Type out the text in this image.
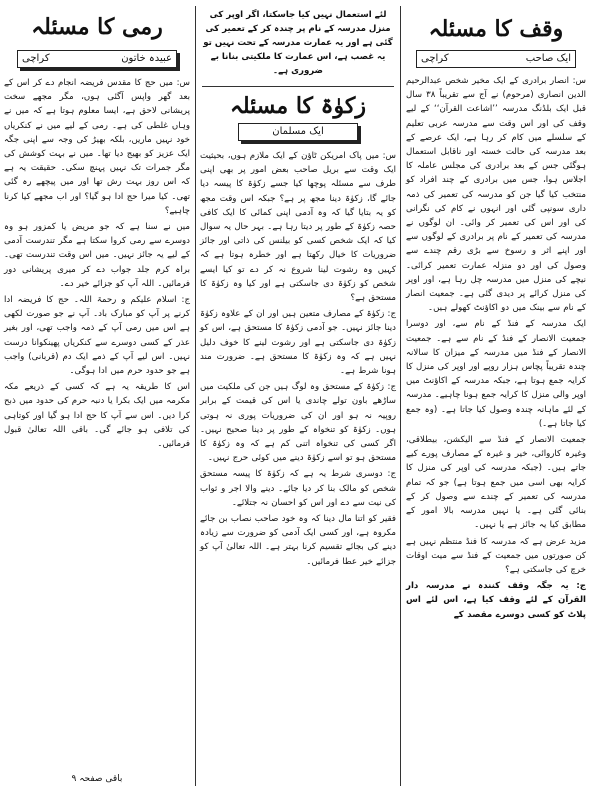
وقف کا مسئلہ
ایک صاحب
کراچی

س: انصار برادری کے ایک مخیر شخص عبدالرحیم الدین انصاری (مرحوم) نے آج سے تقریباً ۳۸ سال قبل ایک بلڈنگ مدرسہ ’’اشاعت القرآن‘‘ کے لیے وقف کی اور اس وقت سے مدرسہ عربی تعلیم کے سلسلے میں کام کر رہا ہے، ایک عرصے کے بعد مدرسہ کی حالت خستہ اور ناقابل استعمال ہوگئی جس کے بعد برادری کی مجلس عاملہ کا اجلاس ہوا، جس میں برادری کے چند افراد کو منتخب کیا گیا جن کو مدرسہ کی تعمیر کی ذمہ داری سونپی گئی اور انہوں نے کام کی نگرانی کی اور اس کی تعمیر کر وائی۔ ان لوگوں نے مدرسہ کی تعمیر کے نام پر برادری کے لوگوں سے اور اپنے اثر و رسوخ سے بڑی رقم چندے سے وصول کی اور دو منزلہ عمارت تعمیر کرائی۔ نیچے کی منزل میں مدرسہ چل رہا ہے، اور اوپر کی منزل کرائے پر دیدی گئی ہے۔ جمعیت انصار کے نام سے بینک میں دو اکاؤنٹ کھولے ہیں۔

ایک مدرسہ کے فنڈ کے نام سے، اور دوسرا جمعیت الانصار کے فنڈ کے نام سے ہے۔ جمعیت الانصار کے فنڈ میں مدرسہ کے میزان کا سالانہ چندہ تقریباً پچاس ہزار روپے اور اوپر کی منزل کا کرایہ جمع ہوتا ہے، جبکہ مدرسہ کے اکاؤنٹ میں اوپر والی منزل کا کرایہ جمع ہونا چاہیے۔ مدرسہ کے لئے ماہانہ چندہ وصول کیا جاتا ہے۔ (وہ جمع کیا جاتا ہے۔)

جمعیت الانصار کے فنڈ سے الیکشن، بیطلاقی، وغیرہ کاروائی، خیر و غیرہ کے مصارف پورے کیے جاتے ہیں۔ (جبکہ مدرسہ کی اوپر کی منزل کا کرایہ بھی اسی میں جمع ہوتا ہے) جو کہ تمام مدرسہ کی تعمیر کے چندے سے وصول کر کے بنائی گئی ہے۔ یا نہیں مدرسہ بالا امور کے مطابق کیا یہ جائز ہے یا نہیں۔

مزید عرض ہے کہ مدرسہ کا فنڈ منتظم نہیں ہے کن صورتوں میں جمعیت کے فنڈ سے میت اوقات خرچ کی جاسکتی ہے؟

ج: یہ جگہ وقف کنندہ نے مدرسہ دار القرآن کے لئے وقف کیا ہے، اس لئے اس پلاٹ کو کسی دوسرے مقصد کے

لئے استعمال نہیں کیا جاسکتا، اگر اوپر کی منزل مدرسہ کے نام پر چندہ کر کے تعمیر کی گئی ہے اور یہ عمارت مدرسہ کے تحت نہیں تو یہ غصب ہے، اس عمارت کا ملکیتی بنانا بے ضروری ہے۔
زکوٰۃ کا مسئلہ
ایک مسلمان

س: میں پاک امریکن ٹاؤن کے ایک ملازم ہوں، بحیثیت ایک وقت سے بریل صاحب بعض امور پر بھی اپنی طرف سے مسئلہ پوچھا کیا جسے زکوٰۃ کا پیسہ دیا جائے گا، زکوٰۃ دینا مجھ پر ہے؟ جبکہ اس وقت مجھ کو یہ بتایا گیا کہ وہ آدمی اپنی کمائی کا ایک کافی حصہ زکوٰۃ کے طور پر دیتا رہا ہے۔ بہر حال یہ سوال کیا کہ ایک شخص کسی کو بیلنس کی ذاتی اور جائز ضروریات کا خیال رکھتا ہے اور خطرہ ہوتا ہے کہ کہیں وہ رشوت لینا شروع نہ کر دے تو کیا ایسے شخص کو زکوٰۃ دی جاسکتی ہے اور کیا وہ زکوٰۃ کا مستحق ہے؟

ج: زکوٰۃ کے مصارف متعین ہیں اور ان کے علاوہ زکوٰۃ دینا جائز نہیں۔ جو آدمی زکوٰۃ کا مستحق ہے، اس کو زکوٰۃ دی جاسکتی ہے اور رشوت لینے کا خوف دلیل نہیں ہے کہ وہ زکوٰۃ کا مستحق ہے۔ ضرورت مند ہونا شرط ہے۔

ج: زکوٰۃ کے مستحق وہ لوگ ہیں جن کی ملکیت میں ساڑھے باون تولے چاندی یا اس کی قیمت کے برابر روپیہ نہ ہو اور ان کی ضروریات پوری نہ ہوتی ہوں۔ زکوٰۃ کو تنخواہ کے طور پر دینا صحیح نہیں۔ اگر کسی کی تنخواہ اتنی کم ہے کہ وہ زکوٰۃ کا مستحق ہو تو اسے زکوٰۃ دینے میں کوئی حرج نہیں۔

ج: دوسری شرط یہ ہے کہ زکوٰۃ کا پیسہ مستحق شخص کو مالک بنا کر دیا جائے۔ دینے والا اجر و ثواب کی نیت سے دے اور اس کو احسان نہ جتلائے۔

فقیر کو اتنا مال دینا کہ وہ خود صاحب نصاب بن جائے مکروہ ہے، اور کسی ایک آدمی کو ضرورت سے زیادہ دینے کی بجائے تقسیم کرنا بہتر ہے۔ اللہ تعالیٰ آپ کو جزائے خیر عطا فرمائیں۔

رمی کا مسئلہ
عبیدہ خاتون
کراچی

س: میں حج کا مقدس فریضہ انجام دے کر اس کے بعد گھر واپس آگئی ہوں، مگر مجھے سخت پریشانی لاحق ہے، ایسا معلوم ہوتا ہے کہ میں نے وہاں غلطی کی ہے۔ رمی کے لیے میں نے کنکریاں خود نہیں ماریں، بلکہ بھیڑ کی وجہ سے اپنی جگہ ایک عزیز کو بھیج دیا تھا۔ میں نے بہت کوشش کی مگر جمرات تک نہیں پہنچ سکی۔ حقیقت یہ ہے کہ اس روز بہت رش تھا اور میں پیچھے رہ گئی تھی۔ کیا میرا حج ادا ہو گیا؟ اور اب مجھے کیا کرنا چاہیے؟

میں نے سنا ہے کہ جو مریض یا کمزور ہو وہ دوسرے سے رمی کروا سکتا ہے مگر تندرست آدمی کے لیے یہ جائز نہیں۔ میں اس وقت تندرست تھی۔ براہ کرم جلد جواب دے کر میری پریشانی دور فرمائیں۔ اللہ آپ کو جزائے خیر دے۔

ج: اسلام علیکم و رحمۃ اللہ۔ حج کا فریضہ ادا کرنے پر آپ کو مبارک باد۔ آپ نے جو صورت لکھی ہے اس میں رمی آپ کے ذمہ واجب تھی، اور بغیر عذر کے کسی دوسرے سے کنکریاں پھینکوانا درست نہیں۔ اس لیے آپ کے ذمے ایک دم (قربانی) واجب ہے جو حدود حرم میں ادا ہوگی۔

اس کا طریقہ یہ ہے کہ کسی کے ذریعے مکہ مکرمہ میں ایک بکرا یا دنبہ حرم کی حدود میں ذبح کرا دیں۔ اس سے آپ کا حج ادا ہو گیا اور کوتاہی کی تلافی ہو جائے گی۔ باقی اللہ تعالیٰ قبول فرمائیں۔

باقی صفحہ ۹
